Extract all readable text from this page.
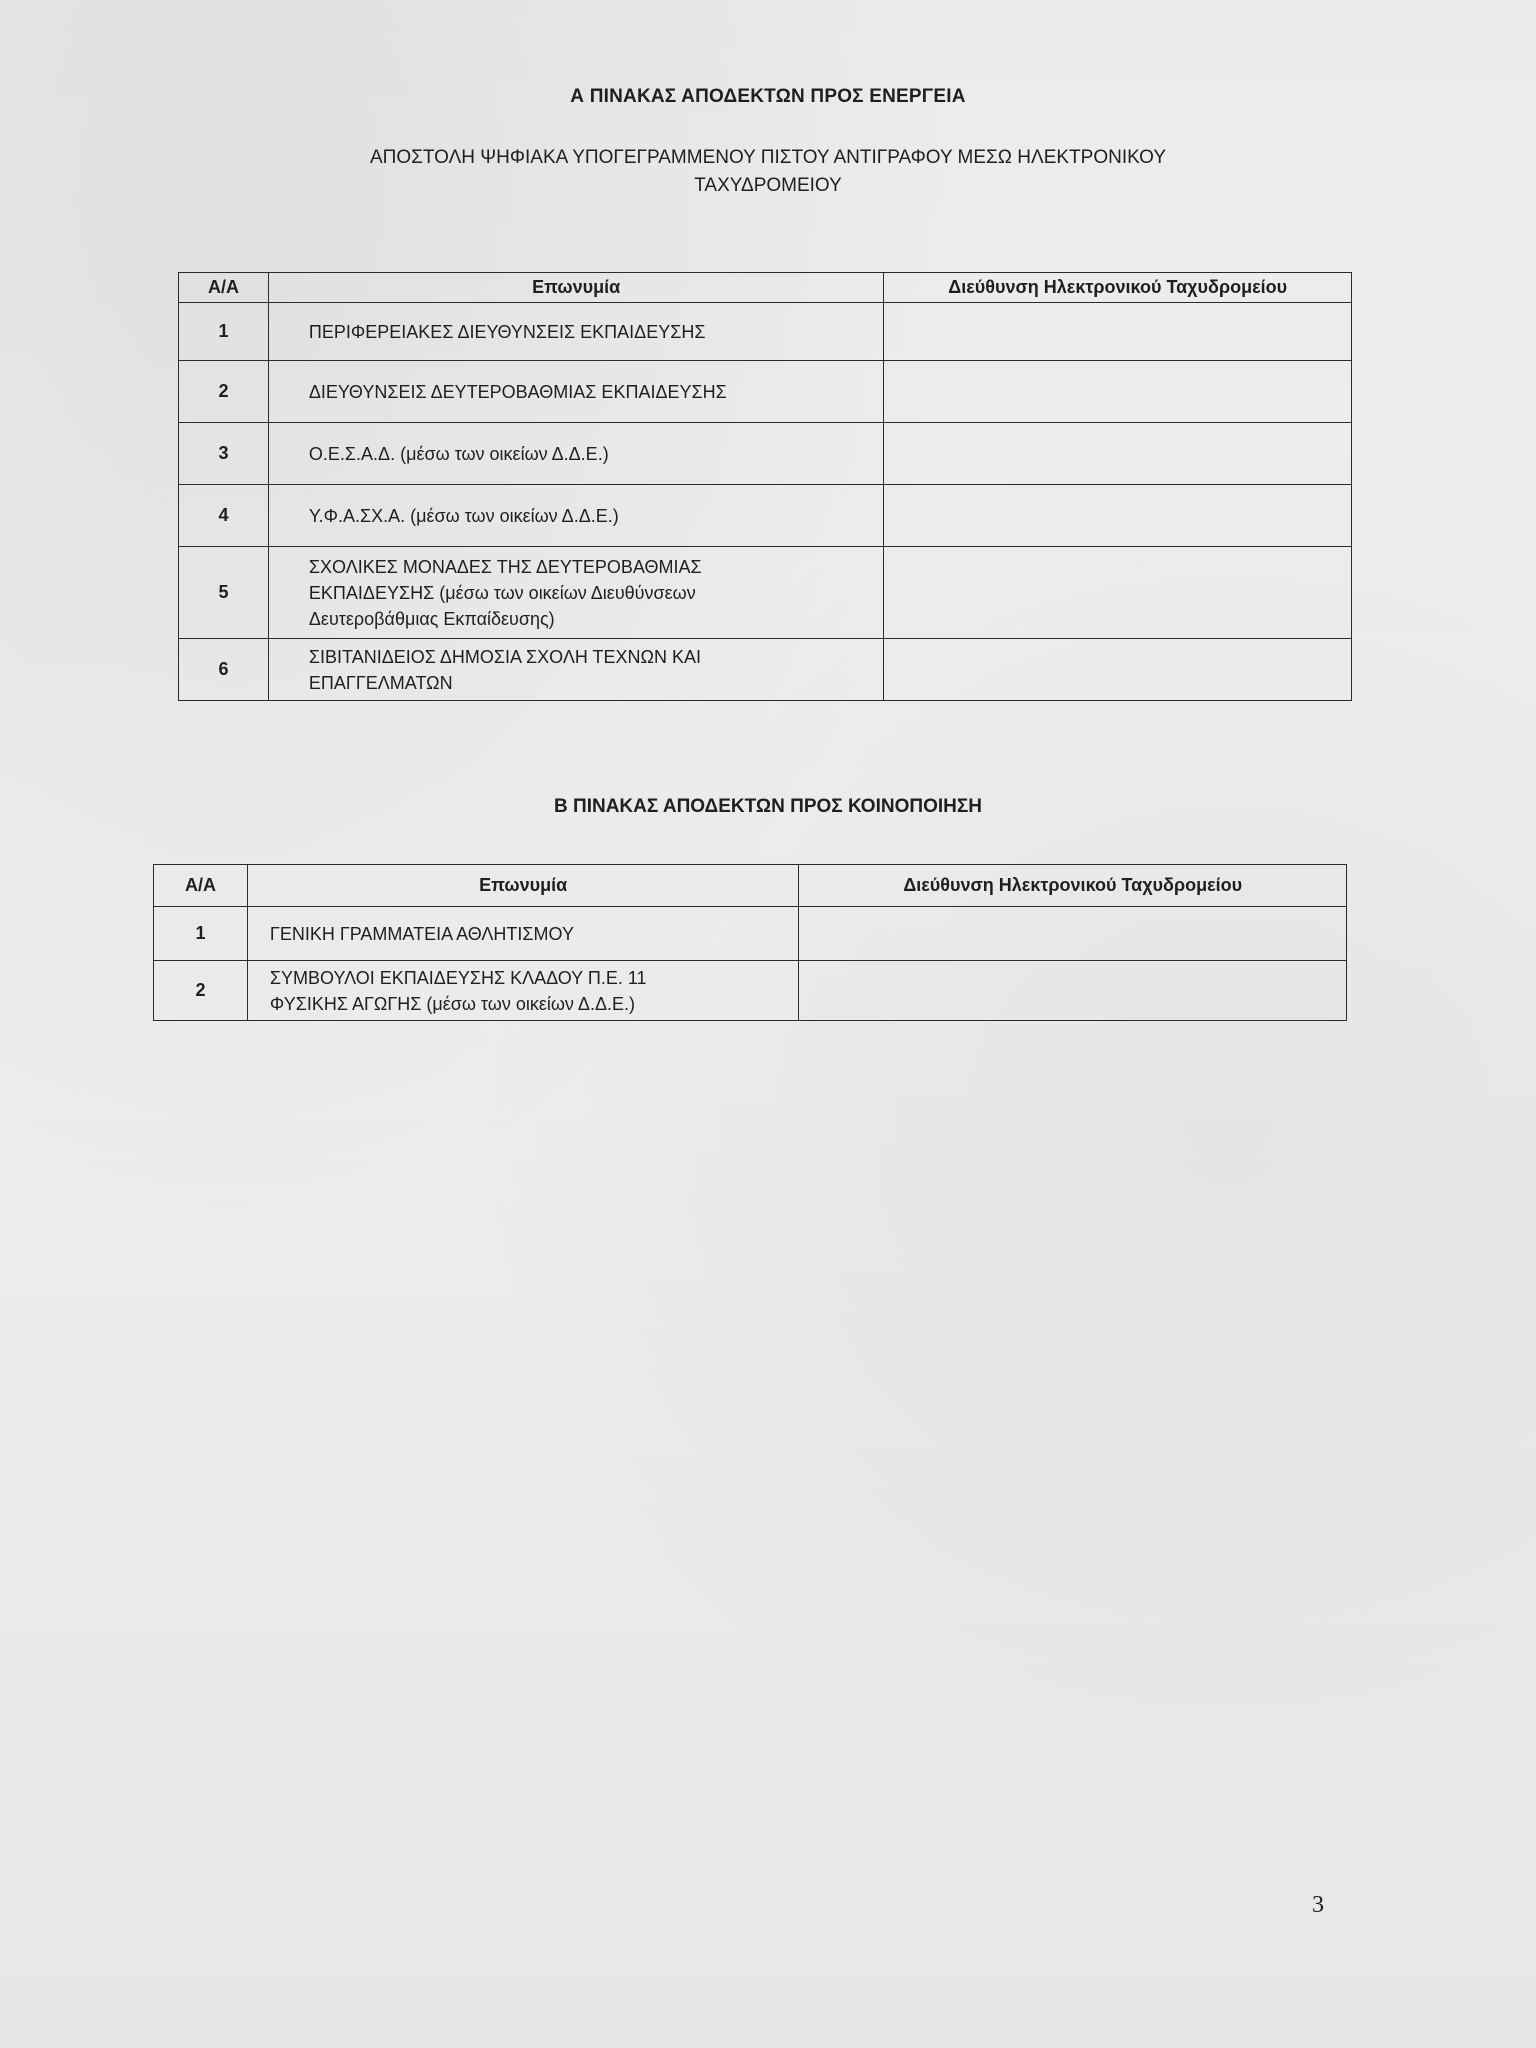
Α ΠΙΝΑΚΑΣ ΑΠΟΔΕΚΤΩΝ ΠΡΟΣ ΕΝΕΡΓΕΙΑ
ΑΠΟΣΤΟΛΗ ΨΗΦΙΑΚΑ ΥΠΟΓΕΓΡΑΜΜΕΝΟΥ ΠΙΣΤΟΥ ΑΝΤΙΓΡΑΦΟΥ ΜΕΣΩ ΗΛΕΚΤΡΟΝΙΚΟΥ
ΤΑΧΥΔΡΟΜΕΙΟΥ
Α/Α	Επωνυμία	Διεύθυνση Ηλεκτρονικού Ταχυδρομείου
1	ΠΕΡΙΦΕΡΕΙΑΚΕΣ ΔΙΕΥΘΥΝΣΕΙΣ ΕΚΠΑΙΔΕΥΣΗΣ	

2	ΔΙΕΥΘΥΝΣΕΙΣ ΔΕΥΤΕΡΟΒΑΘΜΙΑΣ ΕΚΠΑΙΔΕΥΣΗΣ	

3	Ο.Ε.Σ.Α.Δ. (μέσω των οικείων Δ.Δ.Ε.)	

4	Υ.Φ.Α.ΣΧ.Α. (μέσω των οικείων Δ.Δ.Ε.)	

5	ΣΧΟΛΙΚΕΣ ΜΟΝΑΔΕΣ ΤΗΣ ΔΕΥΤΕΡΟΒΑΘΜΙΑΣ
ΕΚΠΑΙΔΕΥΣΗΣ (μέσω των οικείων Διευθύνσεων
Δευτεροβάθμιας Εκπαίδευσης)	

6	ΣΙΒΙΤΑΝΙΔΕΙΟΣ ΔΗΜΟΣΙΑ ΣΧΟΛΗ ΤΕΧΝΩΝ ΚΑΙ
ΕΠΑΓΓΕΛΜΑΤΩΝ	

Β ΠΙΝΑΚΑΣ ΑΠΟΔΕΚΤΩΝ ΠΡΟΣ ΚΟΙΝΟΠΟΙΗΣΗ
Α/Α	Επωνυμία	Διεύθυνση Ηλεκτρονικού Ταχυδρομείου
1	ΓΕΝΙΚΗ ΓΡΑΜΜΑΤΕΙΑ ΑΘΛΗΤΙΣΜΟΥ	

2	ΣΥΜΒΟΥΛΟΙ ΕΚΠΑΙΔΕΥΣΗΣ ΚΛΑΔΟΥ Π.Ε. 11
ΦΥΣΙΚΗΣ ΑΓΩΓΗΣ (μέσω των οικείων Δ.Δ.Ε.)	

3
